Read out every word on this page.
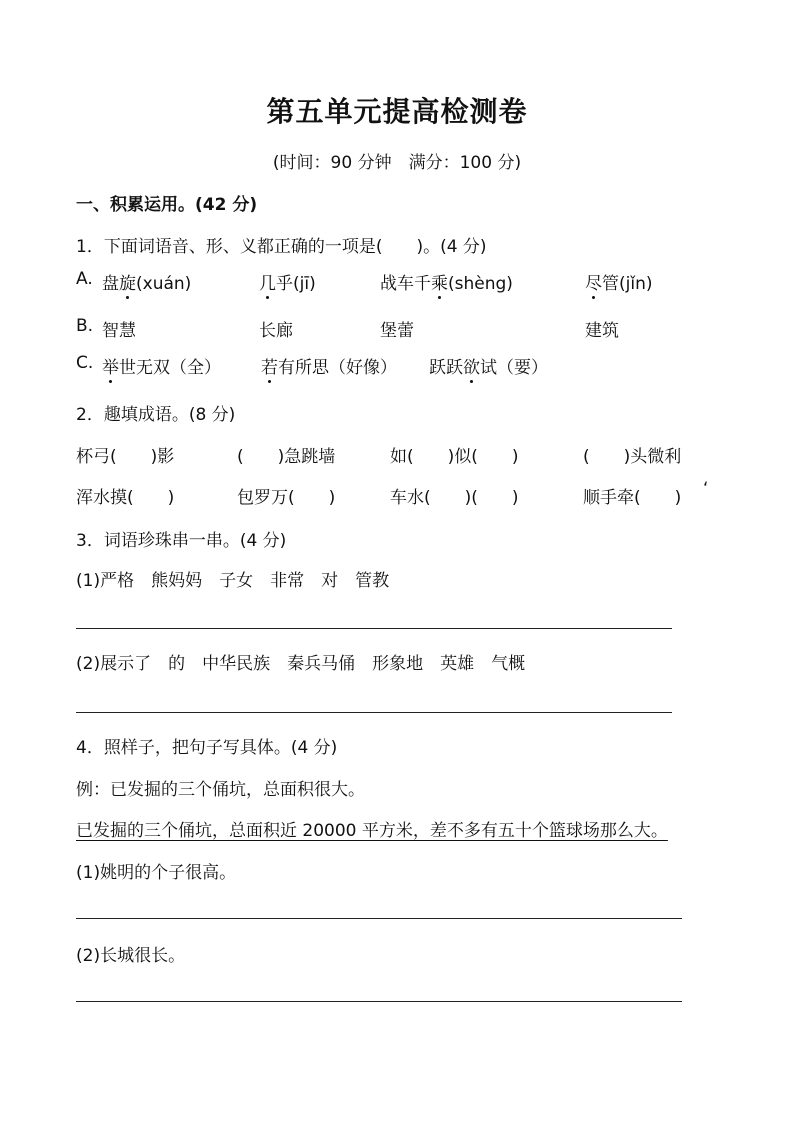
第五单元提高检测卷
(时间：90 分钟　满分：100 分)
一、积累运用。(42 分)
1．下面词语音、形、义都正确的一项是(　　)。(4 分)
A. 盘旋(xuán)	几乎(jī)	战车千乘(shèng)	尽管(jǐn)
B. 智慧	长廊	堡蕾	建筑
C. 举世无双（全） 若有所思（好像） 跃跃欲试（要）
2．趣填成语。(8 分)
杯弓(　　)影	(　　)急跳墙	如(　　)似(　　)	(　　)头微利
浑水摸(　　)	包罗万(　　)	车水(　　)(　　)	顺手牵(　　) ‘
3．词语珍珠串一串。(4 分)
(1)严格　熊妈妈　子女　非常　对　管教
(2)展示了　的　中华民族　秦兵马俑　形象地　英雄　气概
4．照样子，把句子写具体。(4 分)
例：已发掘的三个俑坑，总面积很大。
已发掘的三个俑坑，总面积近 20000 平方米，差不多有五十个篮球场那么大。
(1)姚明的个子很高。
(2)长城很长。
